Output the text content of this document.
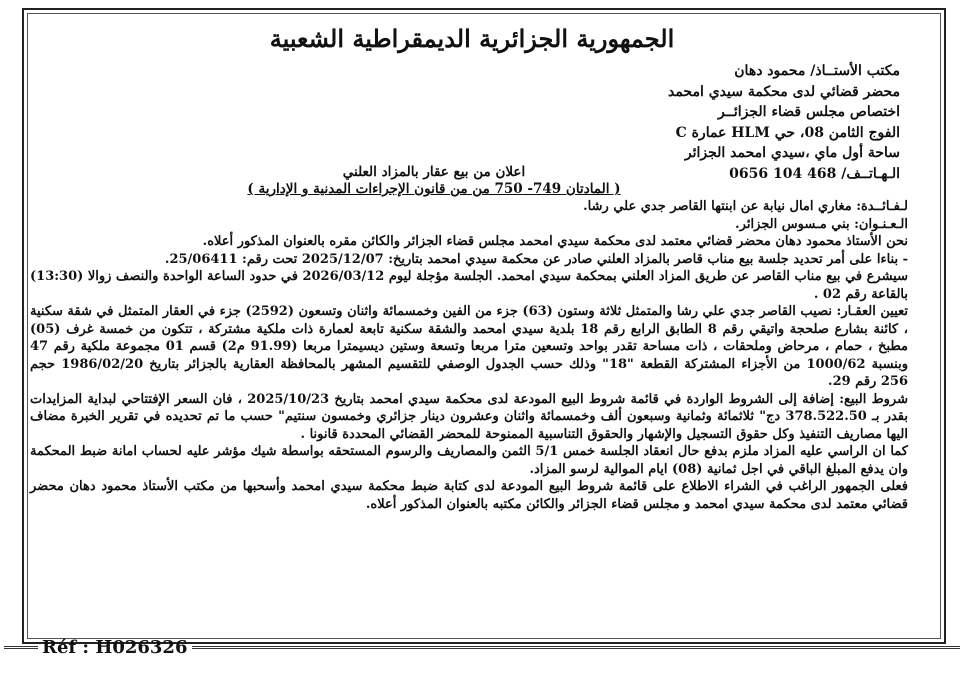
الجمهورية الجزائرية الديمقراطية الشعبية
مكتب الأستــاذ/ محمود دهان
محضر قضائي لدى محكمة سيدي امحمد
اختصاص مجلس قضاء الجزائــر
الفوج الثامن 08، حي HLM عمارة C
ساحة أول ماي ،سيدي امحمد الجزائر
الـهـاتــف/ 468 104 0656
اعلان من بيع عقار بالمزاد العلني
( المادتان 749- 750 من من قانون الإجراءات المدنية و الإدارية )

لـفـائــدة: مغاري امال نيابة عن ابنتها القاصر جدي علي رشا.

الـعـنـوان: بني مـسوس الجزائر.

نحن الأستاذ محمود دهان محضر قضائي معتمد لدى محكمة سيدي امحمد مجلس قضاء الجزائر والكائن مقره بالعنوان المذكور أعلاه.

- بناءا على أمر تحديد جلسة بيع مناب قاصر بالمزاد العلني صادر عن محكمة سيدي امحمد بتاريخ: 2025/12/07 تحت رقم: 25/06411.

سيشرع في بيع مناب القاصر عن طريق المزاد العلني بمحكمة سيدي امحمد. الجلسة مؤجلة ليوم 2026/03/12 في حدود الساعة الواحدة والنصف زوالا (13:30) بالقاعة رقم 02 .

تعيين العقـار: نصيب القاصر جدي علي رشا والمتمثل ثلاثة وستون (63) جزء من الفين وخمسمائة واثنان وتسعون (2592) جزء في العقار المتمثل في شقة سكنية ، كائنة بشارع صلحجة واتيقي رقم 8 الطابق الرابع رقم 18 بلدية سيدي امحمد والشقة سكنية تابعة لعمارة ذات ملكية مشتركة ، تتكون من خمسة غرف (05) مطبخ ، حمام ، مرحاض وملحقات ، ذات مساحة تقدر بواحد وتسعين مترا مربعا وتسعة وستين ديسيمترا مربعا (91.99 م2) قسم 01 مجموعة ملكية رقم 47 وبنسبة 1000/62 من الأجزاء المشتركة القطعة "18" وذلك حسب الجدول الوصفي للتقسيم المشهر بالمحافظة العقارية بالجزائر بتاريخ 1986/02/20 حجم 256 رقم 29.

شروط البيع: إضافة إلى الشروط الواردة في قائمة شروط البيع المودعة لدى محكمة سيدي امحمد بتاريخ 2025/10/23 ، فان السعر الإفتتاحي لبداية المزايدات بقدر بـ 378.522.50 دج" ثلاثمائة وثمانية وسبعون ألف وخمسمائة واثنان وعشرون دينار جزائري وخمسون سنتيم" حسب ما تم تحديده في تقرير الخبرة مضاف اليها مصاريف التنفيذ وكل حقوق التسجيل والإشهار والحقوق التناسبية الممنوحة للمحضر القضائي المحددة قانونا .

كما ان الراسي عليه المزاد ملزم بدفع حال انعقاد الجلسة خمس 5/1 الثمن والمصاريف والرسوم المستحقه بواسطة شيك مؤشر عليه لحساب امانة ضبط المحكمة وان يدفع المبلغ الباقي في اجل ثمانية (08) ايام الموالية لرسو المزاد.

فعلى الجمهور الراغب في الشراء الاطلاع على قائمة شروط البيع المودعة لدى كتابة ضبط محكمة سيدي امحمد وأسحبها من مكتب الأستاذ محمود دهان محضر قضائي معتمد لدى محكمة سيدي امحمد و مجلس قضاء الجزائر والكائن مكتبه بالعنوان المذكور أعلاه.

Réf : H026326
